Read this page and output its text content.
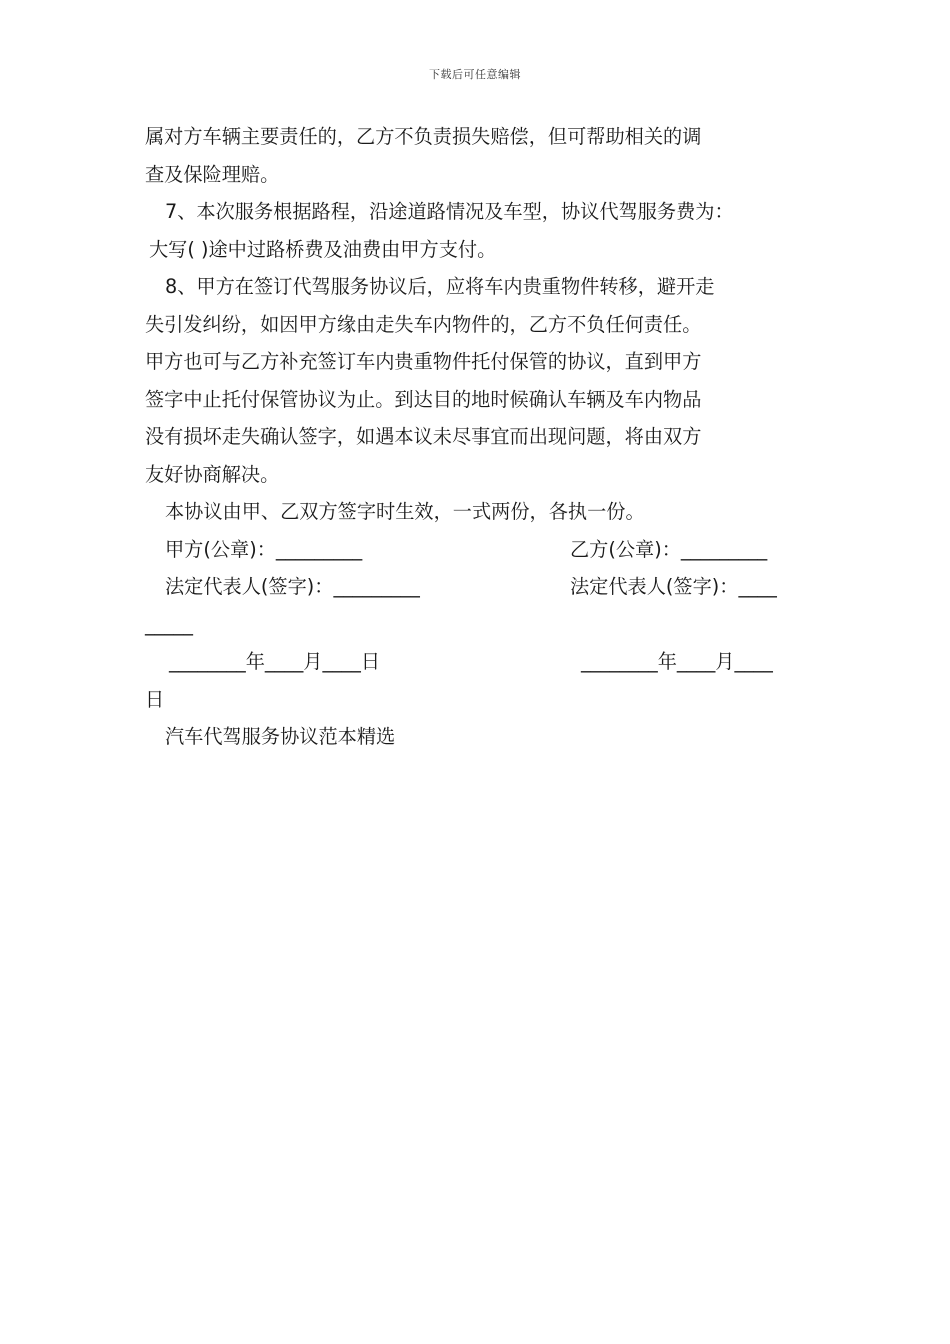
下载后可任意编辑
属对方车辆主要责任的，乙方不负责损失赔偿，但可帮助相关的调
查及保险理赔。
7、本次服务根据路程，沿途道路情况及车型，协议代驾服务费为：
大写( )途中过路桥费及油费由甲方支付。
8、甲方在签订代驾服务协议后，应将车内贵重物件转移，避开走
失引发纠纷，如因甲方缘由走失车内物件的，乙方不负任何责任。
甲方也可与乙方补充签订车内贵重物件托付保管的协议，直到甲方
签字中止托付保管协议为止。到达目的地时候确认车辆及车内物品
没有损坏走失确认签字，如遇本议未尽事宜而出现问题，将由双方
友好协商解决。
本协议由甲、乙双方签字时生效，一式两份，各执一份。
甲方(公章)：_________	乙方(公章)：_________
法定代表人(签字)：_________	法定代表人(签字)：____
_____
________年____月____日	________年____月____
日
汽车代驾服务协议范本精选
